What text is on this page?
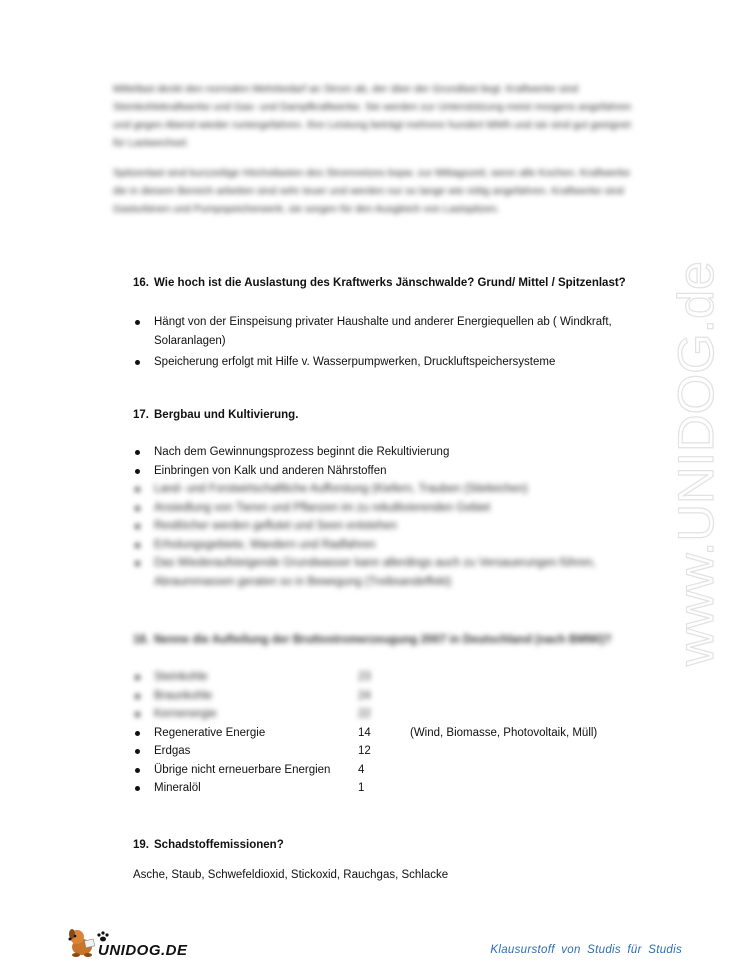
Mittellast deckt den normalen Mehrbedarf an Strom ab, der über der Grundlast liegt. Kraftwerke sind Steinkohlekraftwerke und Gas- und Dampfkraftwerke. Sie werden zur Unterstützung meist morgens angefahren und gegen Abend wieder runtergefahren. Ihre Leistung beträgt mehrere hundert MWh und sie sind gut geeignet für Lastwechsel.
Spitzenlast sind kurzzeitige Höchstlasten des Stromnetzes bspw. zur Mittagszeit, wenn alle Kochen. Kraftwerke die in diesem Bereich arbeiten sind sehr teuer und werden nur so lange wie nötig angefahren. Kraftwerke sind Gasturbinen und Pumpspeicherwerk, sie sorgen für den Ausgleich von Lastspitzen.
16. Wie hoch ist die Auslastung des Kraftwerks Jänschwalde? Grund/ Mittel / Spitzenlast?
Hängt von der Einspeisung privater Haushalte und anderer Energiequellen ab ( Windkraft, Solaranlagen)
Speicherung erfolgt mit Hilfe v. Wasserpumpwerken, Druckluftspeichersysteme
17. Bergbau und Kultivierung.
Nach dem Gewinnungsprozess beginnt die Rekultivierung
Einbringen von Kalk und anderen Nährstoffen
Land- und Forstwirtschaftliche Aufforstung (Kiefern, Trauben (Stieleichen)
Ansiedlung von Tieren und Pflanzen im zu rekultivierenden Gebiet
Restlöcher werden geflutet und Seen entstehen
Erholungsgebiete, Wandern und Radfahren
Das Wiederaufsteigende Grundwasser kann allerdings auch zu Versauerungen führen, Abraummassen geraten so in Bewegung (Treibsandeffekt)
18. Nenne die Aufteilung der Bruttostromerzeugung 2007 in Deutschland (nach BMWi)?
Steinkohle	23
Braunkohle	24
Kernenergie	22
Regenerative Energie	14	(Wind, Biomasse, Photovoltaik, Müll)
Erdgas	12
Übrige nicht erneuerbare Energien 4
Mineralöl	1
19. Schadstoffemissionen?
Asche, Staub, Schwefeldioxid, Stickoxid, Rauchgas, Schlacke
www.UNIDOG.de
UNIDOG.DE	Klausurstoff von Studis für Studis
